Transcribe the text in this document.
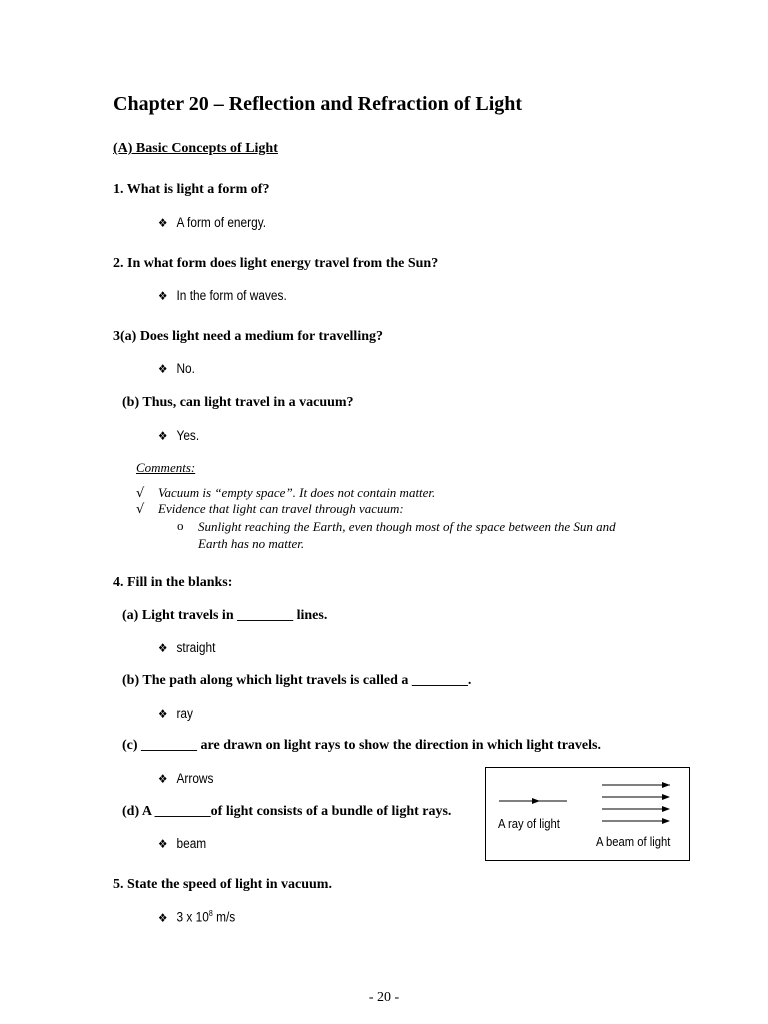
Chapter 20 – Reflection and Refraction of Light
(A) Basic Concepts of Light
1. What is light a form of?
❖ A form of energy.
2. In what form does light energy travel from the Sun?
❖ In the form of waves.
3(a) Does light need a medium for travelling?
❖ No.
(b) Thus, can light travel in a vacuum?
❖ Yes.
Comments:
√ Vacuum is “empty space”. It does not contain matter.
√ Evidence that light can travel through vacuum:
o Sunlight reaching the Earth, even though most of the space between the Sun and Earth has no matter.
4. Fill in the blanks:
(a) Light travels in ________ lines.
❖ straight
(b) The path along which light travels is called a ________.
❖ ray
(c) ________ are drawn on light rays to show the direction in which light travels.
❖ Arrows
(d) A ________of light consists of a bundle of light rays.
❖ beam
A ray of light
A beam of light
5. State the speed of light in vacuum.
❖ 3 x $10^8$ m/s
- 20 -
